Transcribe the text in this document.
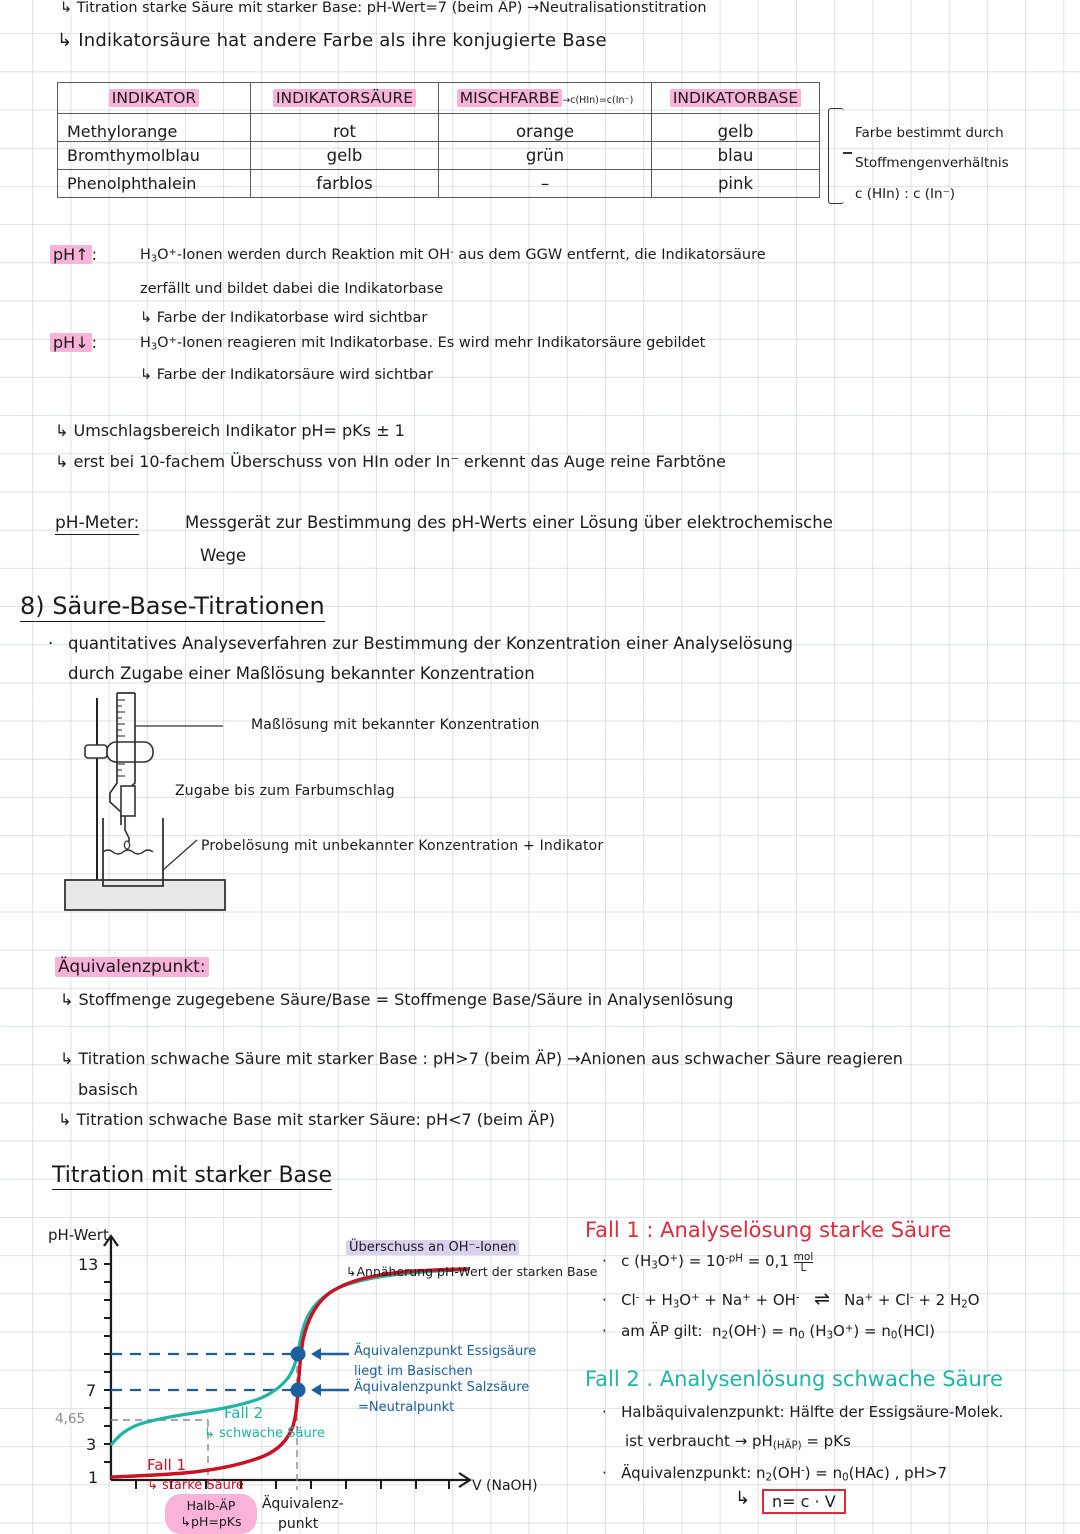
↳ Indikatorsäure hat andere Farbe als ihre konjugierte Base
INDIKATOR	INDIKATORSÄURE	MISCHFARBE →c(HIn)=c(In⁻)	INDIKATORBASE
Methylorange	rot	orange	gelb
Bromthymolblau	gelb	grün	blau
Phenolphthalein	farblos	–	pink
Farbe bestimmt durch
Stoffmengenverhältnis
c (HIn) : c (In⁻)
pH↑ :	$H_3O^+$-Ionen werden durch Reaktion mit OH- aus dem GGW entfernt, die Indikatorsäure
zerfällt und bildet dabei die Indikatorbase
↳ Farbe der Indikatorbase wird sichtbar
pH↓ :	$H_3O^+$-Ionen reagieren mit Indikatorbase. Es wird mehr Indikatorsäure gebildet
↳ Farbe der Indikatorsäure wird sichtbar
↳ Umschlagsbereich Indikator pH= pKs ± 1
↳ erst bei 10-fachem Überschuss von HIn oder In⁻ erkennt das Auge reine Farbtöne
pH-Meter:	Messgerät zur Bestimmung des pH-Werts einer Lösung über elektrochemische
Wege
8) Säure-Base-Titrationen
· quantitatives Analyseverfahren zur Bestimmung der Konzentration einer Analyselösung
durch Zugabe einer Maßlösung bekannter Konzentration
Maßlösung mit bekannter Konzentration
Zugabe bis zum Farbumschlag
Probelösung mit unbekannter Konzentration + Indikator
Äquivalenzpunkt:
↳ Stoffmenge zugegebene Säure/Base = Stoffmenge Base/Säure in Analysenlösung
↳ Titration starke Säure mit starker Base: pH-Wert=7 (beim ÄP) →Neutralisationstitration
↳ Titration schwache Säure mit starker Base : pH>7 (beim ÄP) →Anionen aus schwacher Säure reagieren
basisch
↳ Titration schwache Base mit starker Säure: pH<7 (beim ÄP)
Titration mit starker Base
pH-Wert
13
7
4,65
3
1	V (NaOH)
Fall 2
↳ schwache Säure
Fall 1
↳ starke Säure
Überschuss an OH⁻-Ionen
↳Annäherung pH-Wert der starken Base
Äquivalenzpunkt Essigsäure
liegt im Basischen
Äquivalenzpunkt Salzsäure
=Neutralpunkt
Halb-ÄP
↳pH=pKs
Äquivalenz-
punkt
Fall 1 : Analyselösung starke Säure
·   c $(H_3O^+) = 10^{-pH} = 0,1$ mol
L
·   $Cl^- + H_3O^+ + Na^+ + OH^-$ ⇌   Na+ + Cl- + 2 $H_2O$
·   am ÄP gilt:  $n_2(OH^-) = n_0$ $(H_3O^+) = n_0(HCl)$
Fall 2 . Analysenlösung schwache Säure
· Halbäquivalenzpunkt: Hälfte der Essigsäure-Molek.
ist verbraucht → $pH_{(HÄP)}$ = pKs
·   Äquivalenzpunkt: $n_2(OH^-) = n_0(HAc)$ , pH>7
↳	n= c · V
